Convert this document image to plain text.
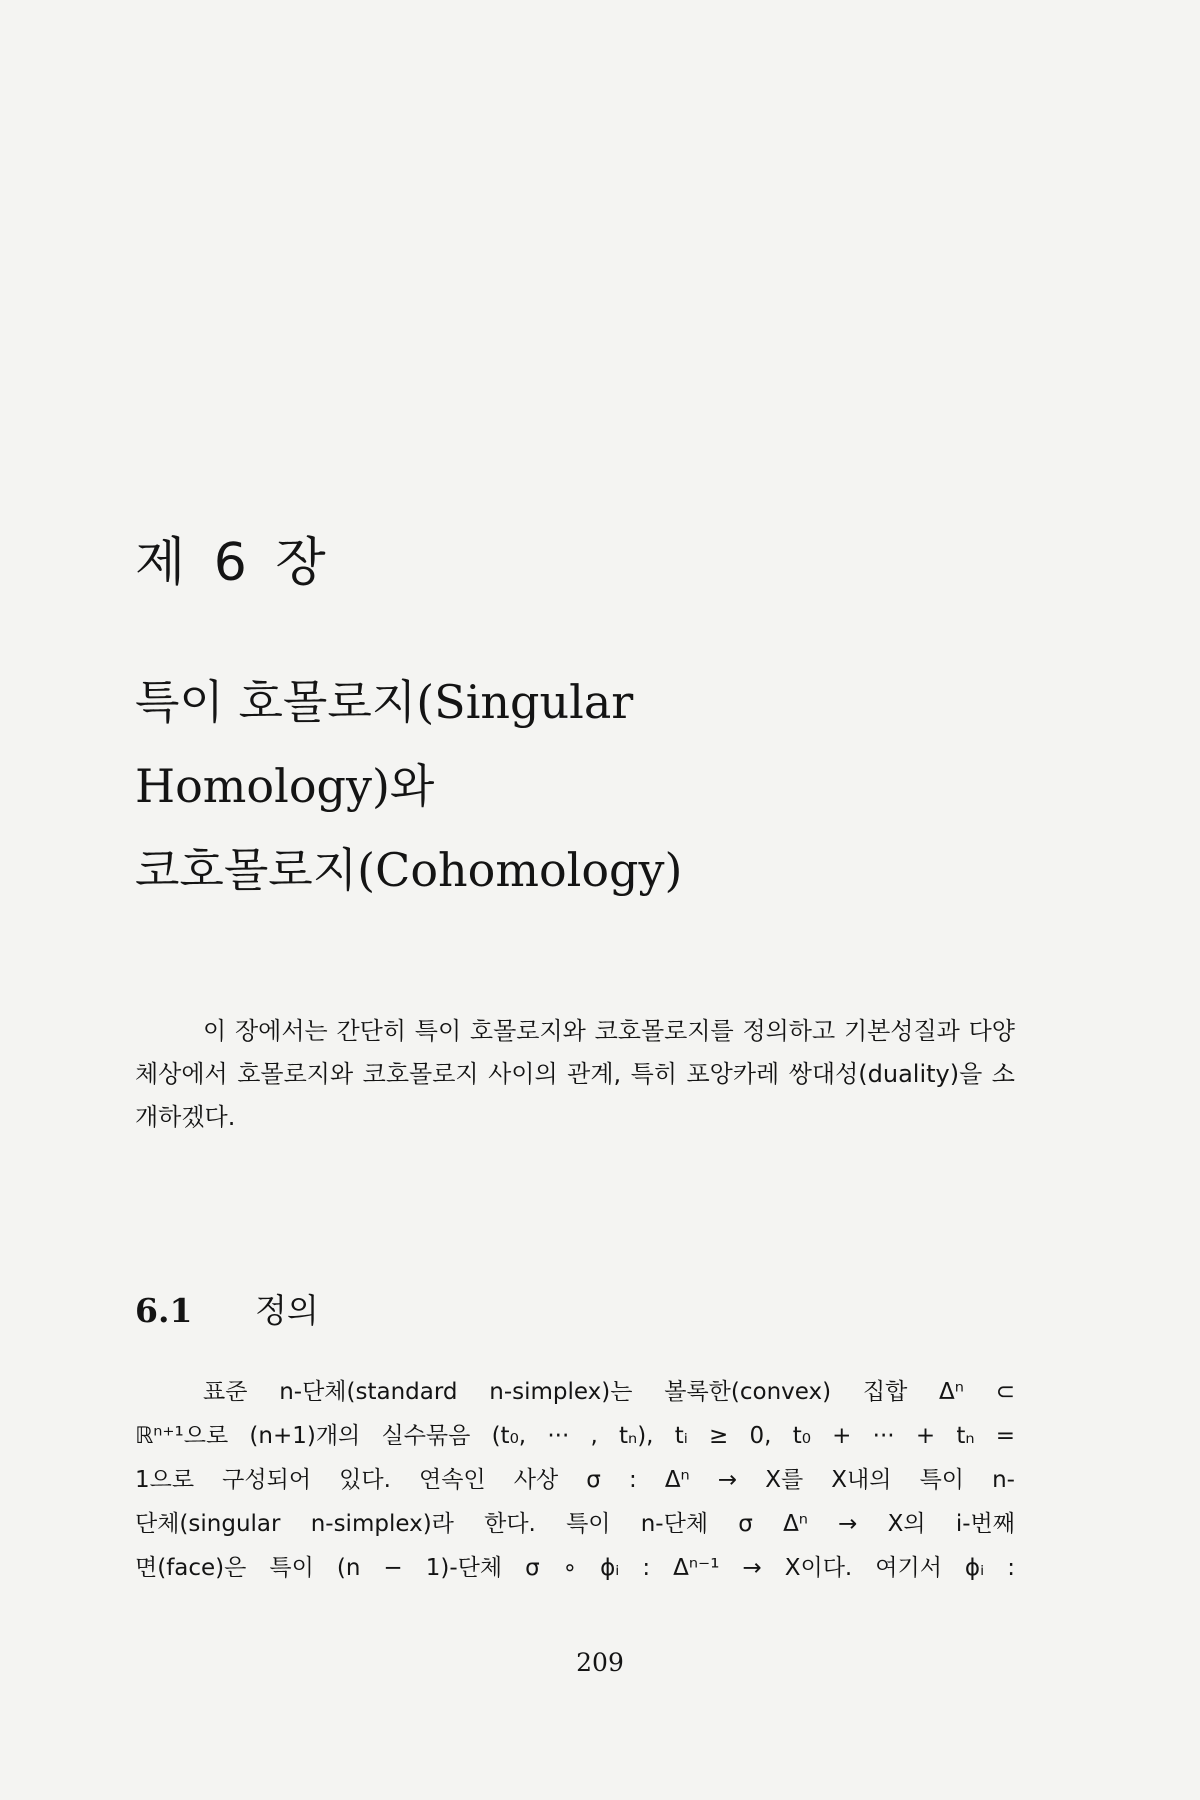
제 6 장
특이 호몰로지(Singular
Homology)와
코호몰로지(Cohomology)

이 장에서는 간단히 특이 호몰로지와 코호몰로지를 정의하고 기본성질과 다양체상에서 호몰로지와 코호몰로지 사이의 관계, 특히 포앙카레 쌍대성(duality)을 소개하겠다.

6.1 정의

표준 n-단체(standard n-simplex)는 볼록한(convex) 집합 Δⁿ ⊂
ℝⁿ⁺¹으로 (n+1)개의 실수묶음 (t₀, ··· , tₙ), tᵢ ≥ 0, t₀ + ··· + tₙ =
1으로 구성되어 있다. 연속인 사상 σ : Δⁿ → X를 X내의 특이 n-
단체(singular n-simplex)라 한다. 특이 n-단체 σ Δⁿ → X의 i-번째
면(face)은 특이 (n − 1)-단체 σ ∘ ϕᵢ : Δⁿ⁻¹ → X이다. 여기서 ϕᵢ :

209
